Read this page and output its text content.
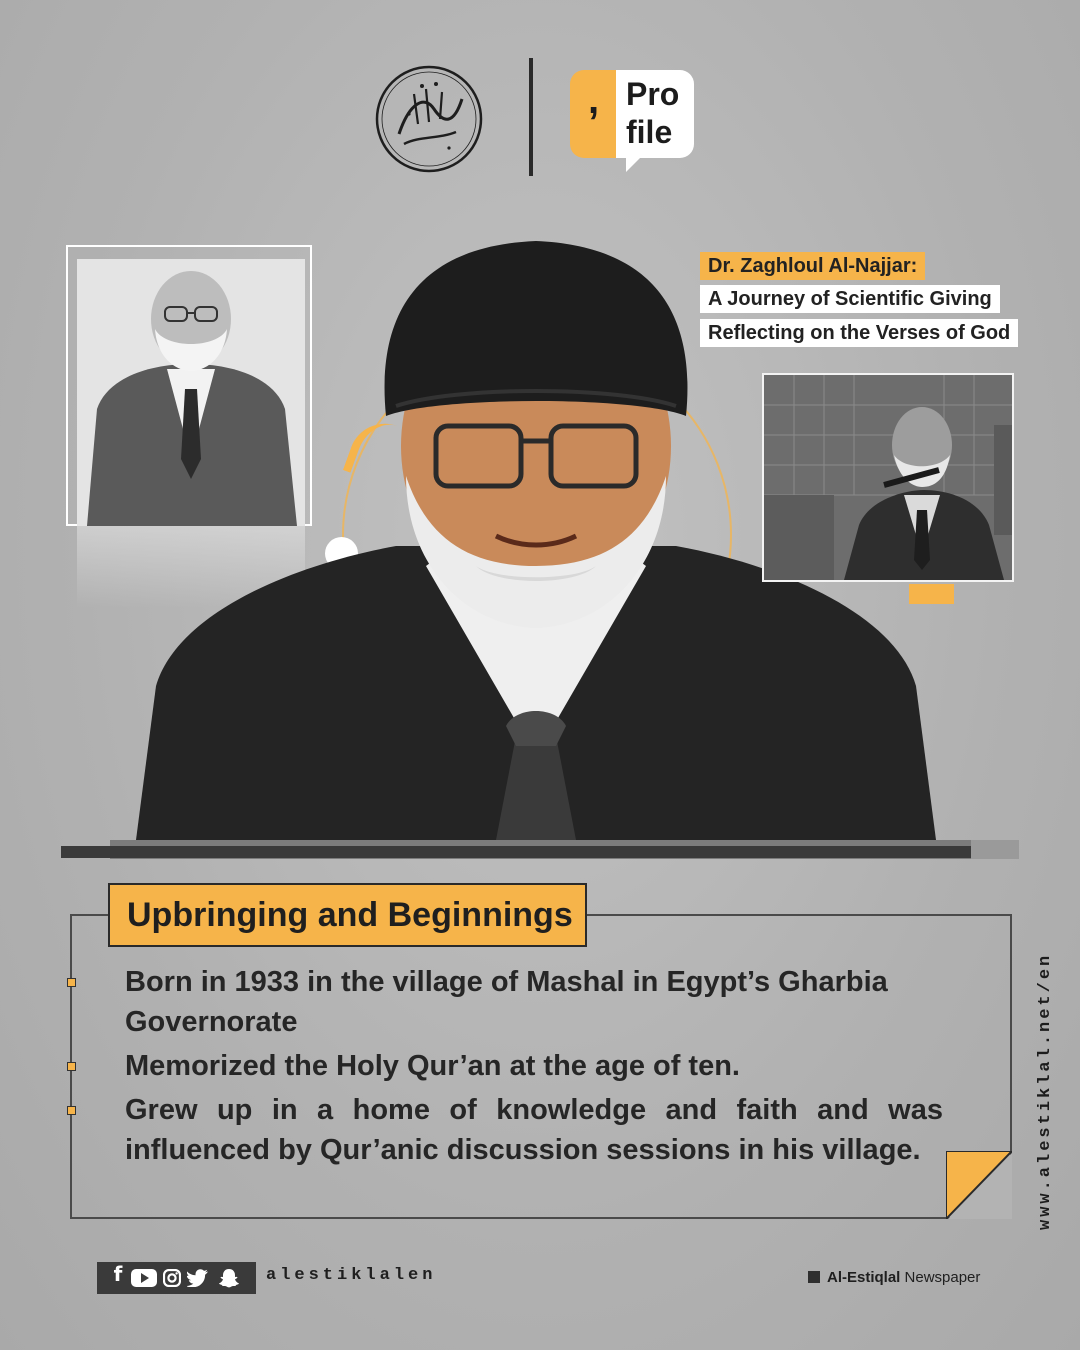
, Pro
file
Dr. Zaghloul Al-Najjar:
A Journey of Scientific Giving
Reflecting on the Verses of God
Upbringing and Beginnings
Born in 1933 in the village of Mashal in Egypt’s Gharbia Governorate
Memorized the Holy Qur’an at the age of ten.
Grew up in a home of knowledge and faith and was influenced by Qur’anic discussion sessions in his village.	www.alestiklal.net/en
f	alestiklalen	Al-Estiqlal Newspaper
